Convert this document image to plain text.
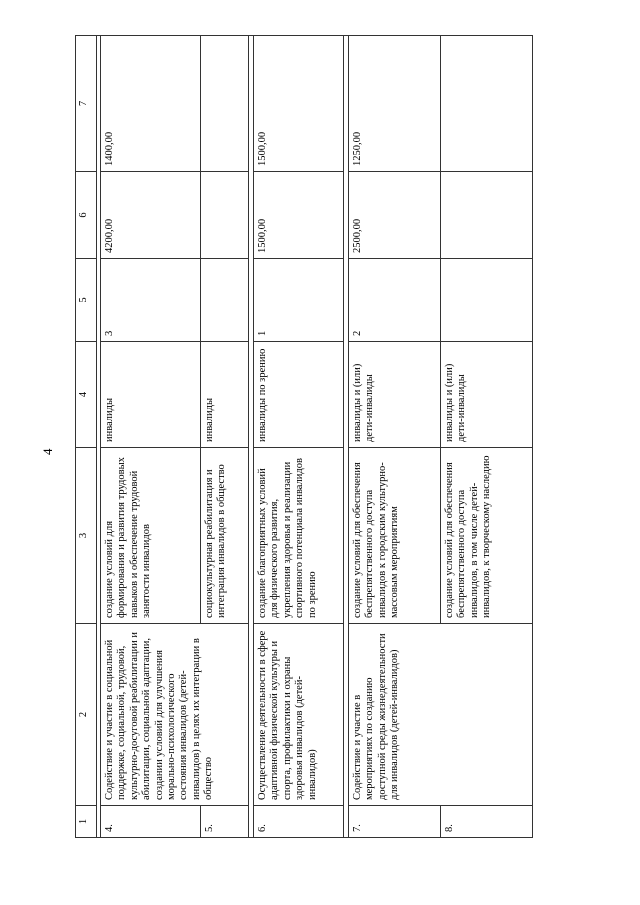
4
1	2	3	4	5	6	7

4.	Содействие и участие в социальной поддержке, социальной, трудовой, культурно-досуговой реабилитации и абилитации, социальной адаптации, создании условий для улучшения морально-психологического состояния инвалидов (детей-инвалидов) в целях их интеграции в общество	создание условий для формирования и развития трудовых навыков и обеспечение трудовой занятости инвалидов	инвалиды	3	4200,00	1400,00
5.		социокультурная реабилитация и интеграция инвалидов в общество	инвалиды			

6.	Осуществление деятельности в сфере адаптивной физической культуры и спорта, профилактики и охраны здоровья инвалидов (детей-инвалидов)	создание благоприятных условий для физического развития, укрепления здоровья и реализации спортивного потенциала инвалидов по зрению	инвалиды по зрению	1	1500,00	1500,00

7.	Содействие и участие в мероприятиях по созданию доступной среды жизнедеятельности для инвалидов (детей-инвалидов)	создание условий для обеспечения беспрепятственного доступа инвалидов к городским культурно-массовым мероприятиям	инвалиды и (или) дети-инвалиды	2	2500,00	1250,00
8.		создание условий для обеспечения беспрепятственного доступа инвалидов, в том числе детей-инвалидов, к творческому наследию	инвалиды и (или) дети-инвалиды			
